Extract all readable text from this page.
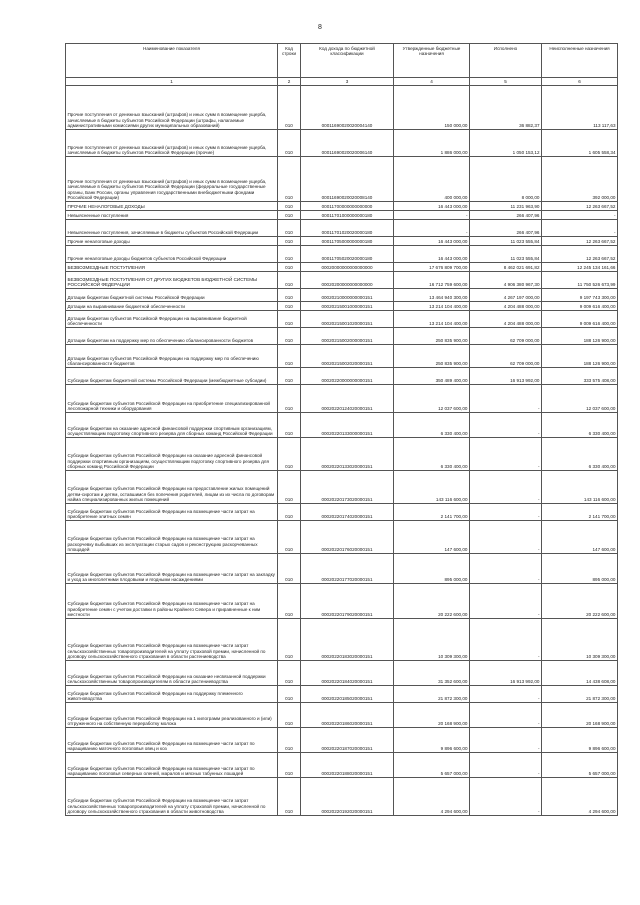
8
Наименование показателя	Код строки	Код дохода по бюджетной классификации	Утвержденные бюджетные назначения	Исполнено	Неисполненные назначения
1	2	3	4	5	6
Прочие поступления от денежных взысканий (штрафов) и иных сумм в возмещение ущерба, зачисляемые в бюджеты субъектов Российской Федерации (штрафы, налагаемые административными комиссиями других муниципальных образований)	010	00011690020020004140	150 000,00	36 882,37	113 117,63
Прочие поступления от денежных взысканий (штрафов) и иных сумм в возмещение ущерба, зачисляемые в бюджеты субъектов Российской Федерации (прочие)	010	00011690020020006140	1 886 000,00	1 050 153,12	1 605 558,34
Прочие поступления от денежных взысканий (штрафов) и иных сумм в возмещение ущерба, зачисляемые в бюджеты субъектов Российской Федерации (федеральные государственные органы, Банк России, органы управления государственными внебюджетными фондами Российской Федерации)	010	00011690020020008140	400 000,00	8 000,00	392 000,00
ПРОЧИЕ НЕНАЛОГОВЫЕ ДОХОДЫ	010	00011700000000000000	16 443 000,00	11 231 963,90	12 263 667,52
Невыясненные поступления	010	00011701000000000180	-	266 407,96	-
Невыясненные поступления, зачисляемые в бюджеты субъектов Российской Федерации	010	00011701020020000180	-	266 407,96	-
Прочие неналоговые доходы	010	00011705000000000180	16 443 000,00	11 023 555,84	12 263 667,52
Прочие неналоговые доходы бюджетов субъектов Российской Федерации	010	00011705020020000180	16 443 000,00	11 023 555,84	12 263 667,52
БЕЗВОЗМЕЗДНЫЕ ПОСТУПЛЕНИЯ	010	00020000000000000000	17 676 809 700,00	8 462 021 691,82	12 245 134 161,66
БЕЗВОЗМЕЗДНЫЕ ПОСТУПЛЕНИЯ ОТ ДРУГИХ БЮДЖЕТОВ БЮДЖЕТНОЙ СИСТЕМЫ РОССИЙСКОЙ ФЕДЕРАЦИИ	010	00020200000000000000	16 712 759 600,00	4 906 380 967,30	11 750 526 673,99
Дотации бюджетам бюджетной системы Российской Федерации	010	00020210000000000151	13 464 940 300,00	4 267 197 000,00	9 197 743 300,00
Дотации на выравнивание бюджетной обеспеченности	010	00020215001000000151	13 214 104 400,00	4 204 488 000,00	9 009 616 400,00
Дотации бюджетам субъектов Российской Федерации на выравнивание бюджетной обеспеченности	010	00020215001020000151	13 214 104 400,00	4 204 488 000,00	9 009 616 400,00
Дотации бюджетам на поддержку мер по обеспечению сбалансированности бюджетов	010	00020215002000000151	250 835 900,00	62 709 000,00	188 126 900,00
Дотации бюджетам субъектов Российской Федерации на поддержку мер по обеспечению сбалансированности бюджетов	010	00020215002020000151	250 835 900,00	62 709 000,00	188 126 900,00
Субсидии бюджетам бюджетной системы Российской Федерации (межбюджетные субсидии)	010	00020220000000000151	350 489 400,00	16 913 992,00	333 575 408,00
Субсидии бюджетам субъектов Российской Федерации на приобретение специализированной лесопожарной техники и оборудования	010	00020220124020000151	12 037 600,00	-	12 037 600,00
Субсидии бюджетам на оказание адресной финансовой поддержки спортивным организациям, осуществляющим подготовку спортивного резерва для сборных команд Российской Федерации	010	00020220133000000151	6 330 400,00	-	6 330 400,00
Субсидии бюджетам субъектов Российской Федерации на оказание адресной финансовой поддержки спортивным организациям, осуществляющим подготовку спортивного резерва для сборных команд Российской Федерации	010	00020220133020000151	6 330 400,00	-	6 330 400,00
Субсидии бюджетам субъектов Российской Федерации на предоставление жилых помещений детям-сиротам и детям, оставшимся без попечения родителей, лицам из их числа по договорам найма специализированных жилых помещений	010	00020220173020000151	143 116 600,00	-	143 116 600,00
Субсидии бюджетам субъектов Российской Федерации на возмещение части затрат на приобретение элитных семян	010	00020220174020000151	2 141 700,00	-	2 141 700,00
Субсидии бюджетам субъектов Российской Федерации на возмещение части затрат на раскорчевку выбывших из эксплуатации старых садов и реконструкцию раскорчеванных площадей	010	00020220176020000151	147 600,00	-	147 600,00
Субсидии бюджетам субъектов Российской Федерации на возмещение части затрат на закладку и уход за многолетними плодовыми и ягодными насаждениями	010	00020220177020000151	895 000,00	-	895 000,00
Субсидии бюджетам субъектов Российской Федерации на возмещение части затрат на приобретение семян с учетом доставки в районы Крайнего Севера и приравненные к ним местности	010	00020220179020000151	20 222 600,00	-	20 222 600,00
Субсидии бюджетам субъектов Российской Федерации на возмещение части затрат сельскохозяйственных товаропроизводителей на уплату страховой премии, начисленной по договору сельскохозяйственного страхования в области растениеводства	010	00020220183020000151	10 309 300,00	-	10 309 300,00
Субсидии бюджетам субъектов Российской Федерации на оказание несвязанной поддержки сельскохозяйственным товаропроизводителям в области растениеводства	010	00020220184020000151	31 352 600,00	16 913 992,00	14 438 608,00
Субсидии бюджетам субъектов Российской Федерации на поддержку племенного животноводства	010	00020220185020000151	21 872 300,00	-	21 872 300,00
Субсидии бюджетам субъектов Российской Федерации на 1 килограмм реализованного и (или) отгруженного на собственную переработку молока	010	00020220186020000151	20 168 900,00	-	20 168 900,00
Субсидии бюджетам субъектов Российской Федерации на возмещение части затрат по наращиванию маточного поголовья овец и коз	010	00020220187020000151	9 896 600,00	-	9 896 600,00
Субсидии бюджетам субъектов Российской Федерации на возмещение части затрат по наращиванию поголовья северных оленей, маралов и мясных табунных лошадей	010	00020220188020000151	5 657 000,00	-	5 657 000,00
Субсидии бюджетам субъектов Российской Федерации на возмещение части затрат сельскохозяйственных товаропроизводителей на уплату страховой премии, начисленной по договору сельскохозяйственного страхования в области животноводства	010	00020220192020000151	4 294 600,00	-	4 294 600,00
